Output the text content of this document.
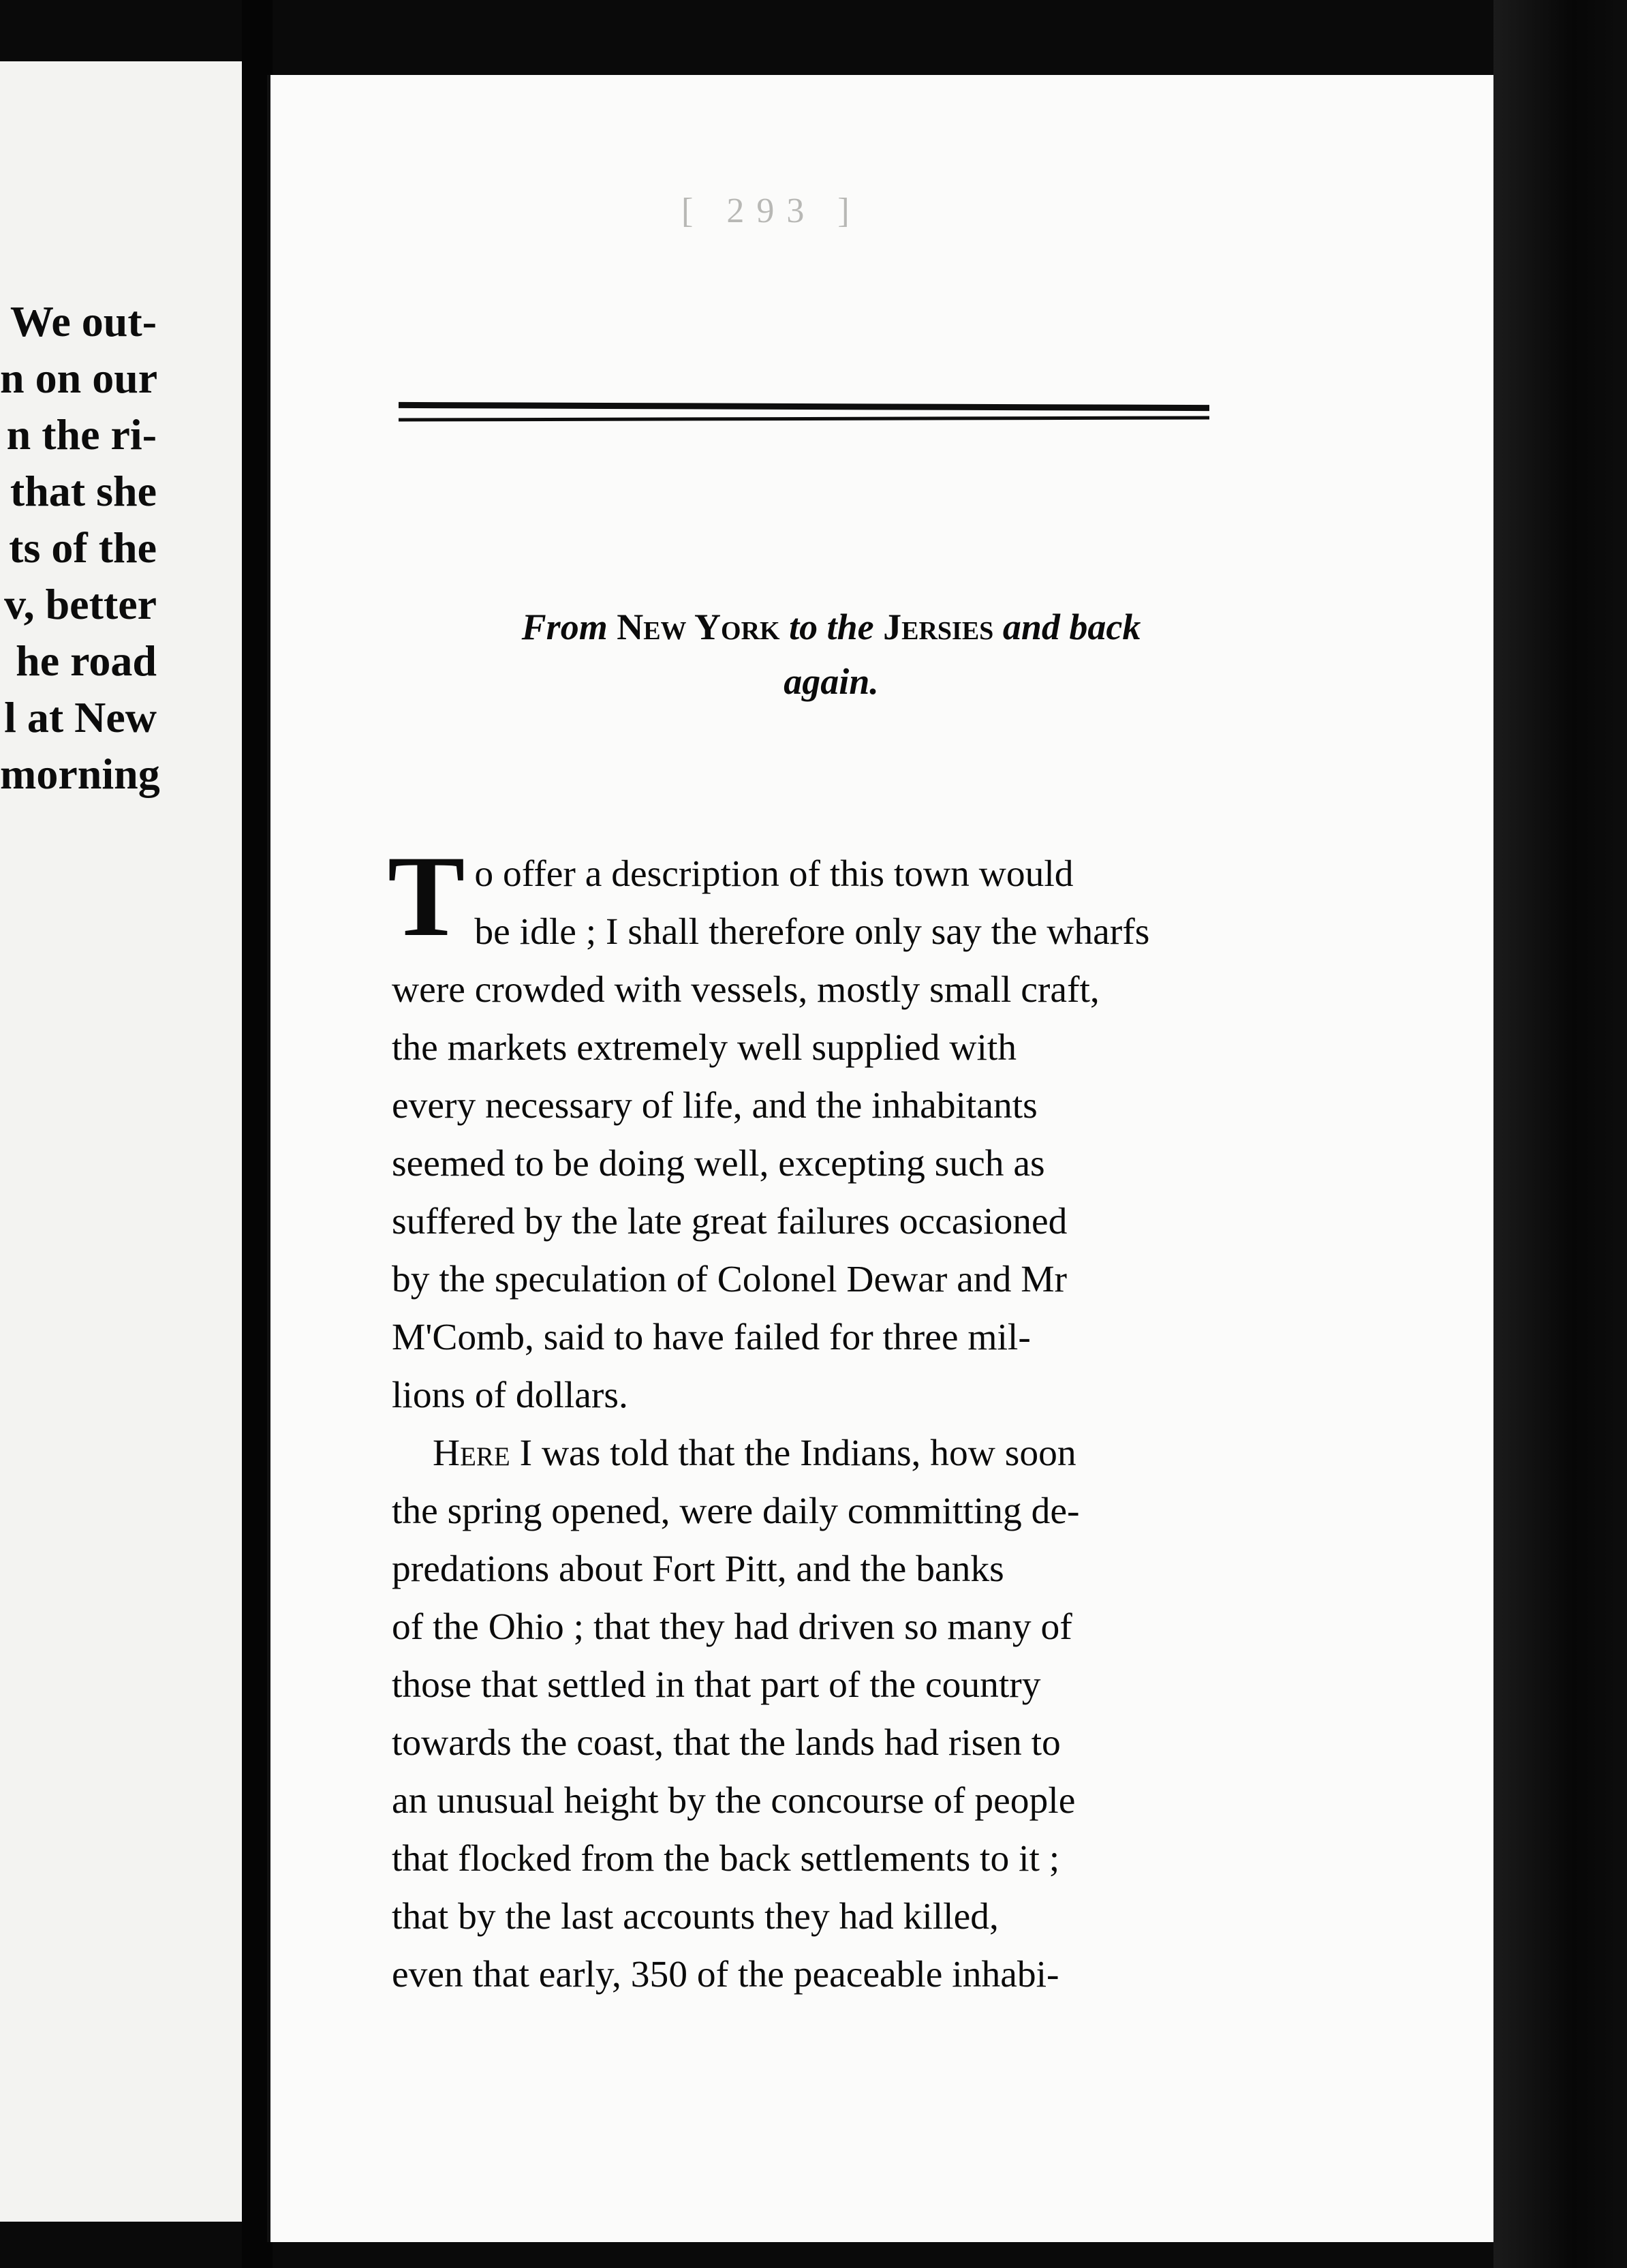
We out-
n on our
n the ri-
that she
ts of the
v, better
he road
l at New
morning
[ 293 ]
From New York to the Jersies and back
again.
T o offer a description of this town would
be idle ; I shall therefore only say the wharfs
were crowded with vessels, mostly small craft,
the markets extremely well supplied with
every necessary of life, and the inhabitants
seemed to be doing well, excepting such as
suffered by the late great failures occasioned
by the speculation of Colonel Dewar and Mr
M'Comb, said to have failed for three mil-
lions of dollars.
Here I was told that the Indians, how soon
the spring opened, were daily committing de-
predations about Fort Pitt, and the banks
of the Ohio ; that they had driven so many of
those that settled in that part of the country
towards the coast, that the lands had risen to
an unusual height by the concourse of people
that flocked from the back settlements to it ;
that by the last accounts they had killed,
even that early, 350 of the peaceable inhabi-
